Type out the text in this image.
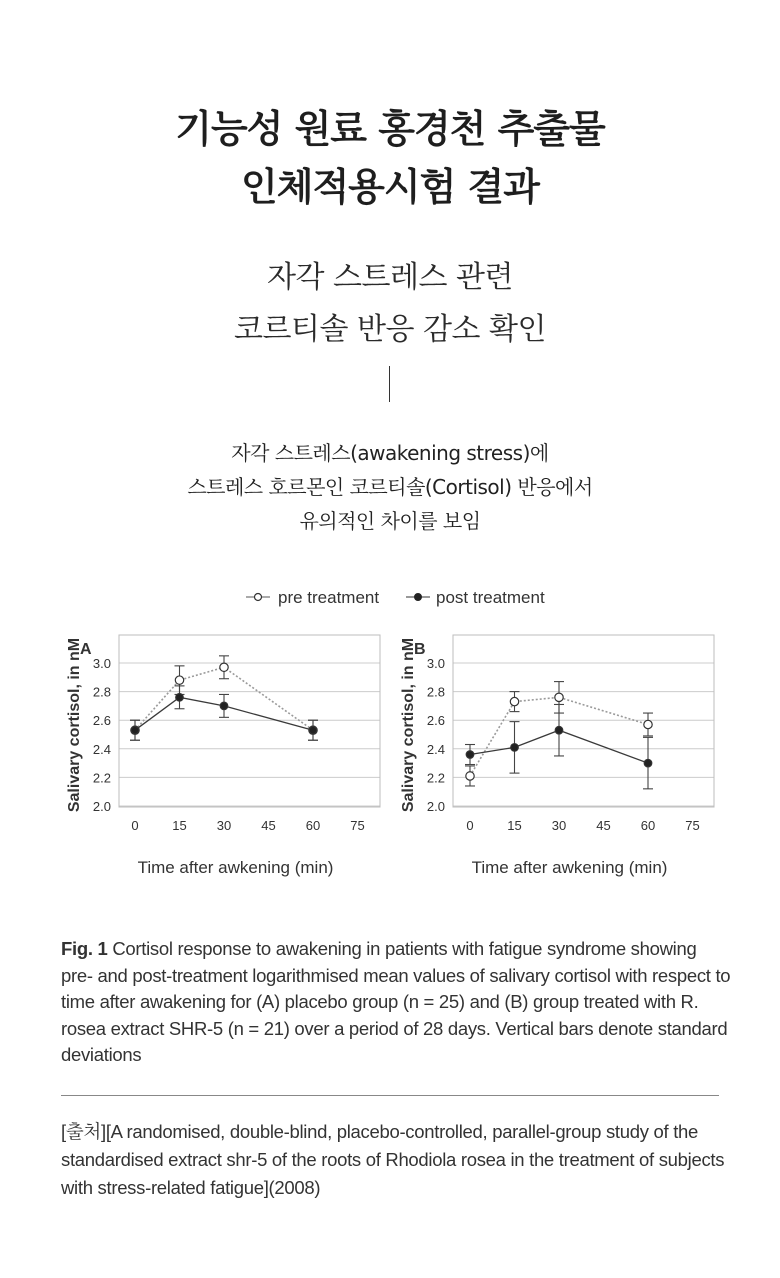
기능성 원료 홍경천 추출물
인체적용시험 결과
자각 스트레스 관련
코르티솔 반응 감소 확인
자각 스트레스(awakening stress)에
스트레스 호르몬인 코르티솔(Cortisol) 반응에서
유의적인 차이를 보임
pre treatment	post treatment
2.0
2.2
2.4
2.6
2.8
3.0
0	15 30 45 60 75
A
Salivary cortisol, in nM
Time after awkening (min)
2.0
2.2
2.4
2.6
2.8
3.0
0	15 30 45 60 75
B
Salivary cortisol, in nM
Time after awkening (min)
Fig. 1 Cortisol response to awakening in patients with fatigue syndrome showing pre- and post-treatment logarithmised mean values of salivary cortisol with respect to time after awakening for (A) placebo group (n = 25) and (B) group treated with R. rosea extract SHR-5 (n = 21) over a period of 28 days. Vertical bars denote standard deviations
[출처][A randomised, double-blind, placebo-controlled, parallel-group study of the standardised extract shr-5 of the roots of Rhodiola rosea in the treatment of subjects with stress-related fatigue](2008)
